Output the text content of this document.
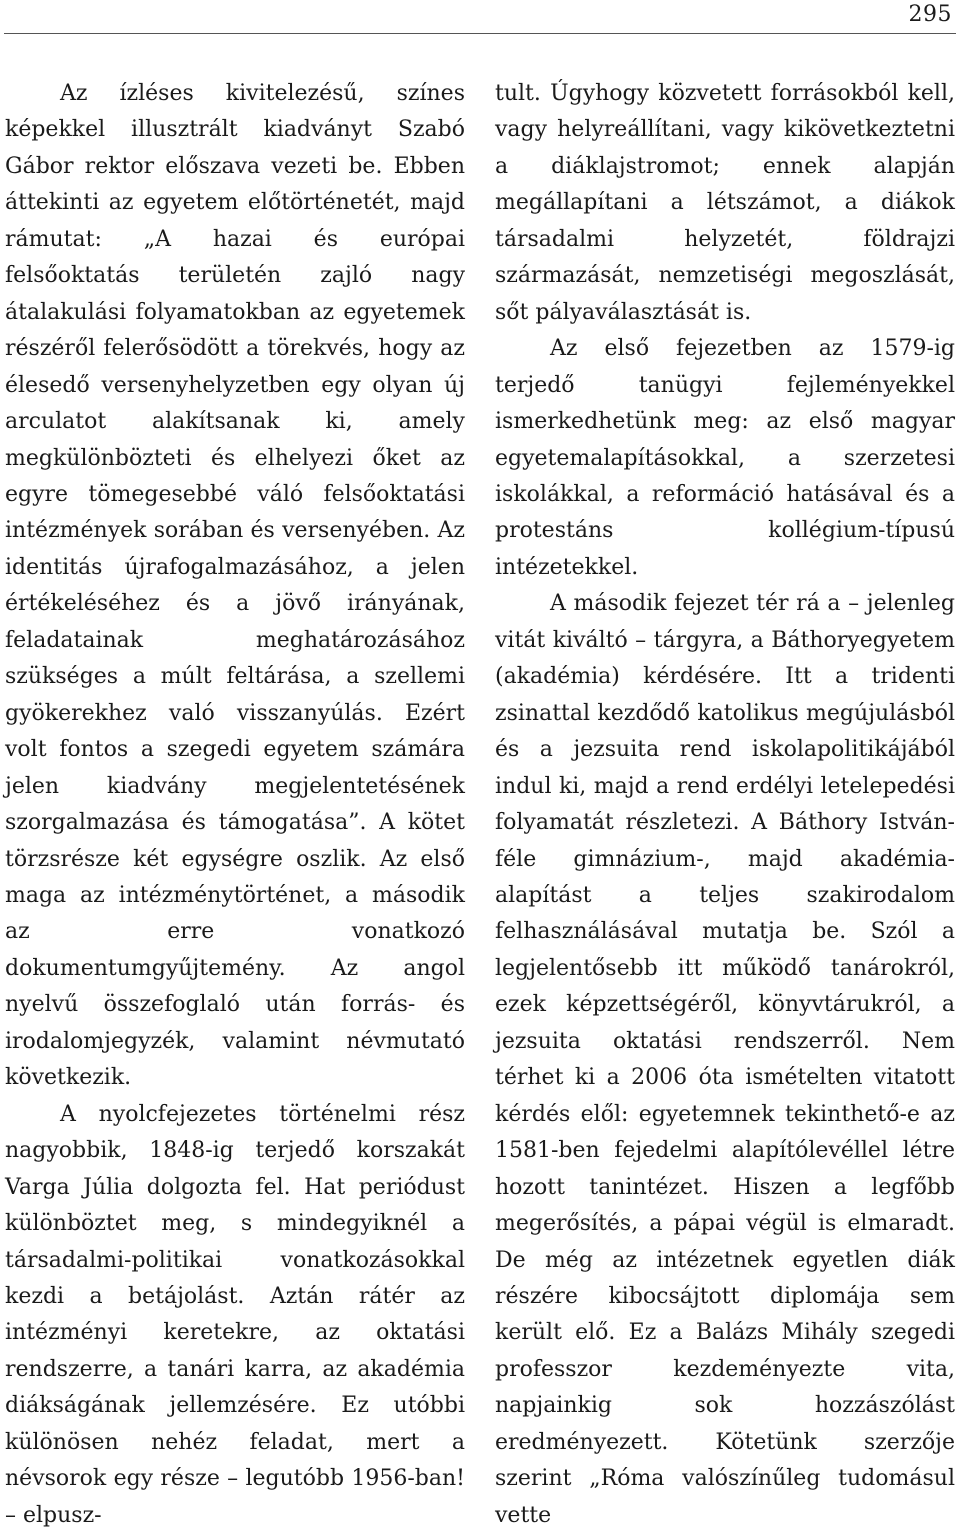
295

Az ízléses kivitelezésű, színes képekkel illusztrált kiadványt Szabó Gábor rektor előszava vezeti be. Ebben áttekinti az egyetem előtörténetét, majd rámutat: „A hazai és európai felsőoktatás területén zajló nagy átalakulási folyamatokban az egyetemek részéről felerősödött a törekvés, hogy az élesedő versenyhelyzetben egy olyan új arculatot alakítsanak ki, amely megkülönbözteti és elhelyezi őket az egyre tömegesebbé váló felsőoktatási intézmények sorában és versenyében. Az identitás újrafogalmazásához, a jelen értékeléséhez és a jövő irányának, feladatainak meghatározásához szükséges a múlt feltárása, a szellemi gyökerekhez való visszanyúlás. Ezért volt fontos a szegedi egyetem számára jelen kiadvány megjelentetésének szorgalmazása és támogatása”. A kötet törzsrésze két egységre oszlik. Az első maga az intézménytörténet, a második az erre vonatkozó dokumentumgyűjtemény. Az angol nyelvű összefoglaló után forrás- és irodalomjegyzék, valamint névmutató következik.

A nyolcfejezetes történelmi rész nagyobbik, 1848-ig terjedő korszakát Varga Júlia dolgozta fel. Hat periódust különböztet meg, s mindegyiknél a társadalmi-politikai vonatkozásokkal kezdi a betájolást. Aztán rátér az intézményi keretekre, az oktatási rendszerre, a tanári karra, az akadémia diákságának jellemzésére. Ez utóbbi különösen nehéz feladat, mert a névsorok egy része – legutóbb 1956-ban! – elpusz-

tult. Úgyhogy közvetett forrásokból kell, vagy helyreállítani, vagy kikövetkeztetni a diáklajstromot; ennek alapján megállapítani a létszámot, a diákok társadalmi helyzetét, földrajzi származását, nemzetiségi megoszlását, sőt pályaválasztását is.

Az első fejezetben az 1579-ig terjedő tanügyi fejleményekkel ismerkedhetünk meg: az első magyar egyetemalapításokkal, a szerzetesi iskolákkal, a reformáció hatásával és a protestáns kollégium-típusú intézetekkel.

A második fejezet tér rá a – jelenleg vitát kiváltó – tárgyra, a Báthoryegyetem (akadémia) kérdésére. Itt a tridenti zsinattal kezdődő katolikus megújulásból és a jezsuita rend iskolapolitikájából indul ki, majd a rend erdélyi letelepedési folyamatát részletezi. A Báthory István-féle gimnázium-, majd akadémia-alapítást a teljes szakirodalom felhasználásával mutatja be. Szól a legjelentősebb itt működő tanárokról, ezek képzettségéről, könyvtárukról, a jezsuita oktatási rendszerről. Nem térhet ki a 2006 óta ismételten vitatott kérdés elől: egyetemnek tekinthető-e az 1581-ben fejedelmi alapítólevéllel létre hozott tanintézet. Hiszen a legfőbb megerősítés, a pápai végül is elmaradt. De még az intézetnek egyetlen diák részére kibocsájtott diplomája sem került elő. Ez a Balázs Mihály szegedi professzor kezdeményezte vita, napjainkig sok hozzászólást eredményezett. Kötetünk szerzője szerint „Róma valószínűleg tudomásul vette
